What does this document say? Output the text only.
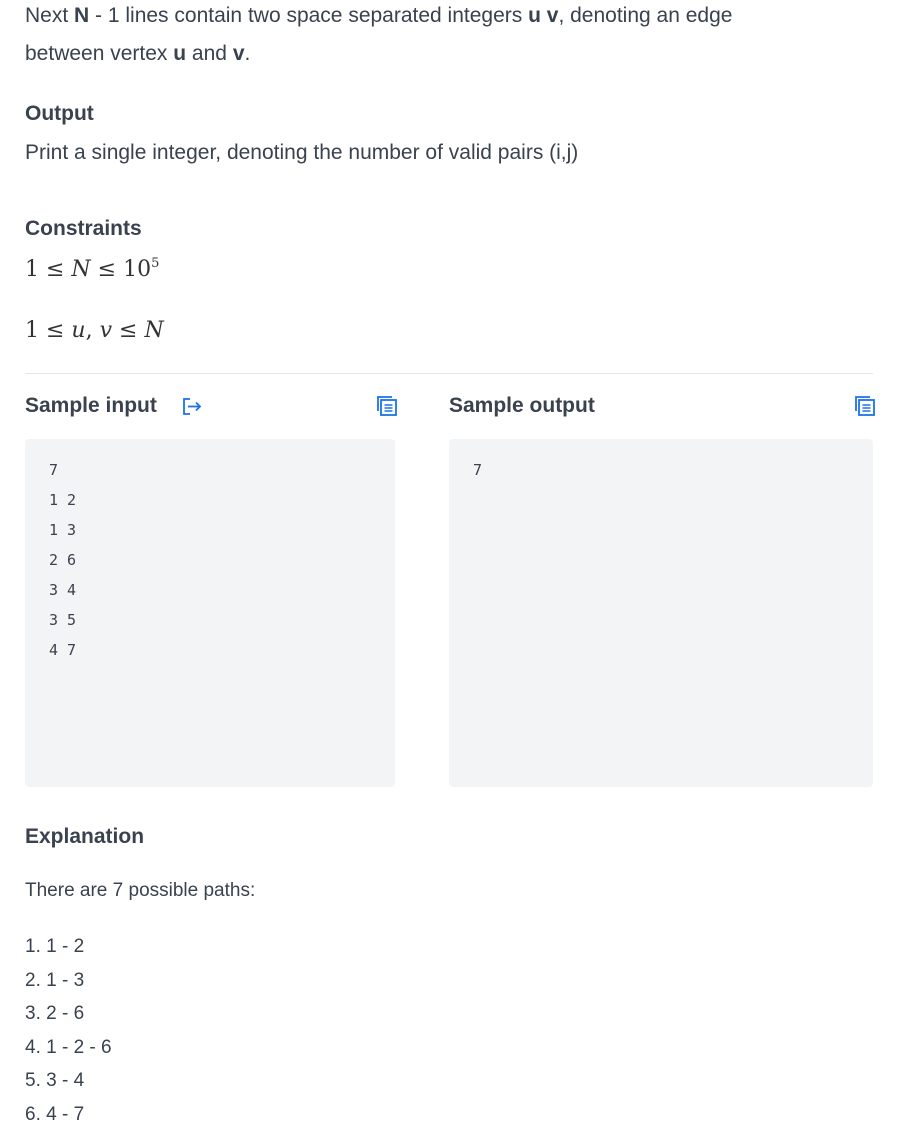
Next N - 1 lines contain two space separated integers u v, denoting an edge
between vertex u and v.
Output
Print a single integer, denoting the number of valid pairs (i,j)
Constraints
$1 \le N \le 10^5$
1 ≤ u, v ≤ N
Sample input	Sample output
7
1 2
1 3
2 6
3 4
3 5
4 7
7
Explanation
There are 7 possible paths:
1. 1 - 2
2. 1 - 3
3. 2 - 6
4. 1 - 2 - 6
5. 3 - 4
6. 4 - 7
